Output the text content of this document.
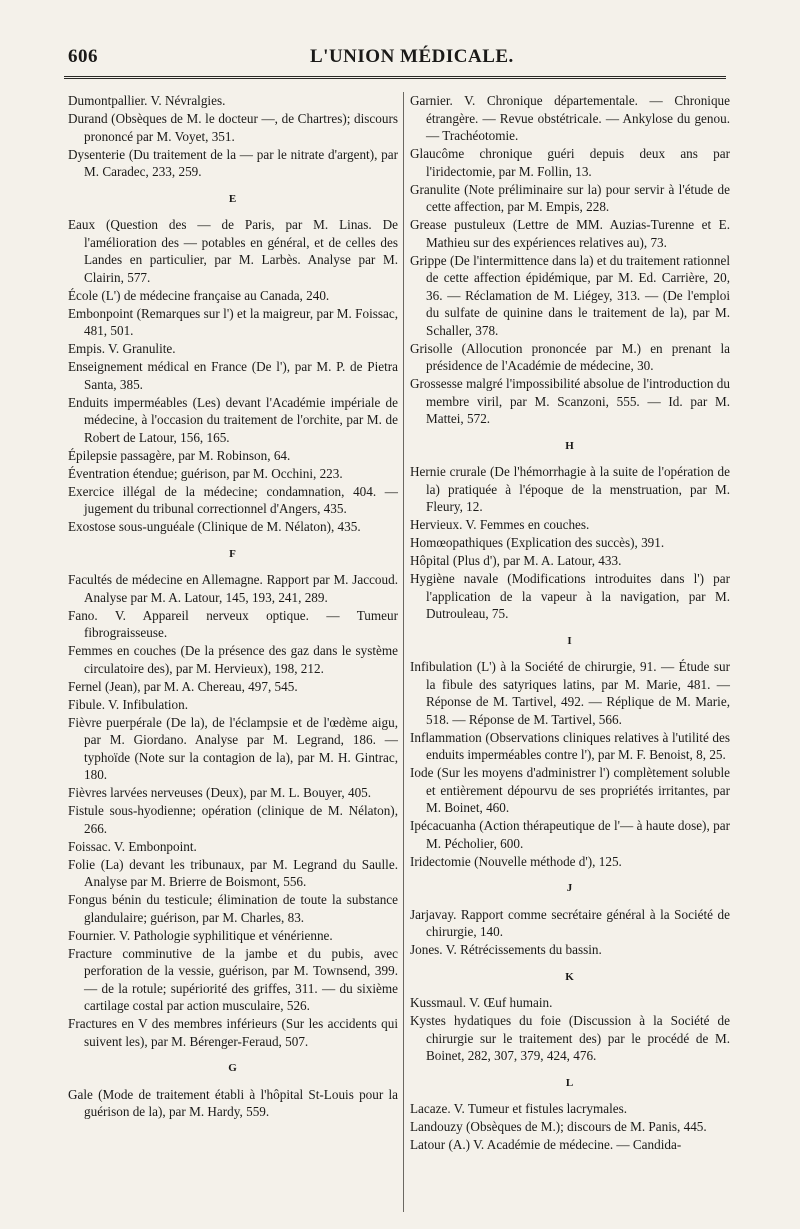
606	L'UNION MÉDICALE.
Dumontpallier. V. Névralgies.
Durand (Obsèques de M. le docteur —, de Chartres); discours prononcé par M. Voyet, 351.
Dysenterie (Du traitement de la — par le nitrate d'argent), par M. Caradec, 233, 259.
E
Eaux (Question des — de Paris, par M. Linas. De l'amélioration des — potables en général, et de celles des Landes en particulier, par M. Larbès. Analyse par M. Clairin, 577.
École (L') de médecine française au Canada, 240.
Embonpoint (Remarques sur l') et la maigreur, par M. Foissac, 481, 501.
Empis. V. Granulite.
Enseignement médical en France (De l'), par M. P. de Pietra Santa, 385.
Enduits imperméables (Les) devant l'Académie impériale de médecine, à l'occasion du traitement de l'orchite, par M. de Robert de Latour, 156, 165.
Épilepsie passagère, par M. Robinson, 64.
Éventration étendue; guérison, par M. Occhini, 223.
Exercice illégal de la médecine; condamnation, 404. — jugement du tribunal correctionnel d'Angers, 435.
Exostose sous-unguéale (Clinique de M. Nélaton), 435.
F
Facultés de médecine en Allemagne. Rapport par M. Jaccoud. Analyse par M. A. Latour, 145, 193, 241, 289.
Fano. V. Appareil nerveux optique. — Tumeur fibrograisseuse.
Femmes en couches (De la présence des gaz dans le système circulatoire des), par M. Hervieux), 198, 212.
Fernel (Jean), par M. A. Chereau, 497, 545.
Fibule. V. Infibulation.
Fièvre puerpérale (De la), de l'éclampsie et de l'œdème aigu, par M. Giordano. Analyse par M. Legrand, 186. — typhoïde (Note sur la contagion de la), par M. H. Gintrac, 180.
Fièvres larvées nerveuses (Deux), par M. L. Bouyer, 405.
Fistule sous-hyodienne; opération (clinique de M. Nélaton), 266.
Foissac. V. Embonpoint.
Folie (La) devant les tribunaux, par M. Legrand du Saulle. Analyse par M. Brierre de Boismont, 556.
Fongus bénin du testicule; élimination de toute la substance glandulaire; guérison, par M. Charles, 83.
Fournier. V. Pathologie syphilitique et vénérienne.
Fracture comminutive de la jambe et du pubis, avec perforation de la vessie, guérison, par M. Townsend, 399. — de la rotule; supériorité des griffes, 311. — du sixième cartilage costal par action musculaire, 526.
Fractures en V des membres inférieurs (Sur les accidents qui suivent les), par M. Bérenger-Feraud, 507.
G
Gale (Mode de traitement établi à l'hôpital St-Louis pour la guérison de la), par M. Hardy, 559.
Garnier. V. Chronique départementale. — Chronique étrangère. — Revue obstétricale. — Ankylose du genou. — Trachéotomie.
Glaucôme chronique guéri depuis deux ans par l'iridectomie, par M. Follin, 13.
Granulite (Note préliminaire sur la) pour servir à l'étude de cette affection, par M. Empis, 228.
Grease pustuleux (Lettre de MM. Auzias-Turenne et E. Mathieu sur des expériences relatives au), 73.
Grippe (De l'intermittence dans la) et du traitement rationnel de cette affection épidémique, par M. Ed. Carrière, 20, 36. — Réclamation de M. Liégey, 313. — (De l'emploi du sulfate de quinine dans le traitement de la), par M. Schaller, 378.
Grisolle (Allocution prononcée par M.) en prenant la présidence de l'Académie de médecine, 30.
Grossesse malgré l'impossibilité absolue de l'introduction du membre viril, par M. Scanzoni, 555. — Id. par M. Mattei, 572.
H
Hernie crurale (De l'hémorrhagie à la suite de l'opération de la) pratiquée à l'époque de la menstruation, par M. Fleury, 12.
Hervieux. V. Femmes en couches.
Homœopathiques (Explication des succès), 391.
Hôpital (Plus d'), par M. A. Latour, 433.
Hygiène navale (Modifications introduites dans l') par l'application de la vapeur à la navigation, par M. Dutrouleau, 75.
I
Infibulation (L') à la Société de chirurgie, 91. — Étude sur la fibule des satyriques latins, par M. Marie, 481. — Réponse de M. Tartivel, 492. — Réplique de M. Marie, 518. — Réponse de M. Tartivel, 566.
Inflammation (Observations cliniques relatives à l'utilité des enduits imperméables contre l'), par M. F. Benoist, 8, 25.
Iode (Sur les moyens d'administrer l') complètement soluble et entièrement dépourvu de ses propriétés irritantes, par M. Boinet, 460.
Ipécacuanha (Action thérapeutique de l'— à haute dose), par M. Pécholier, 600.
Iridectomie (Nouvelle méthode d'), 125.
J
Jarjavay. Rapport comme secrétaire général à la Société de chirurgie, 140.
Jones. V. Rétrécissements du bassin.
K
Kussmaul. V. Œuf humain.
Kystes hydatiques du foie (Discussion à la Société de chirurgie sur le traitement des) par le procédé de M. Boinet, 282, 307, 379, 424, 476.
L
Lacaze. V. Tumeur et fistules lacrymales.
Landouzy (Obsèques de M.); discours de M. Panis, 445.
Latour (A.) V. Académie de médecine. — Candida-
